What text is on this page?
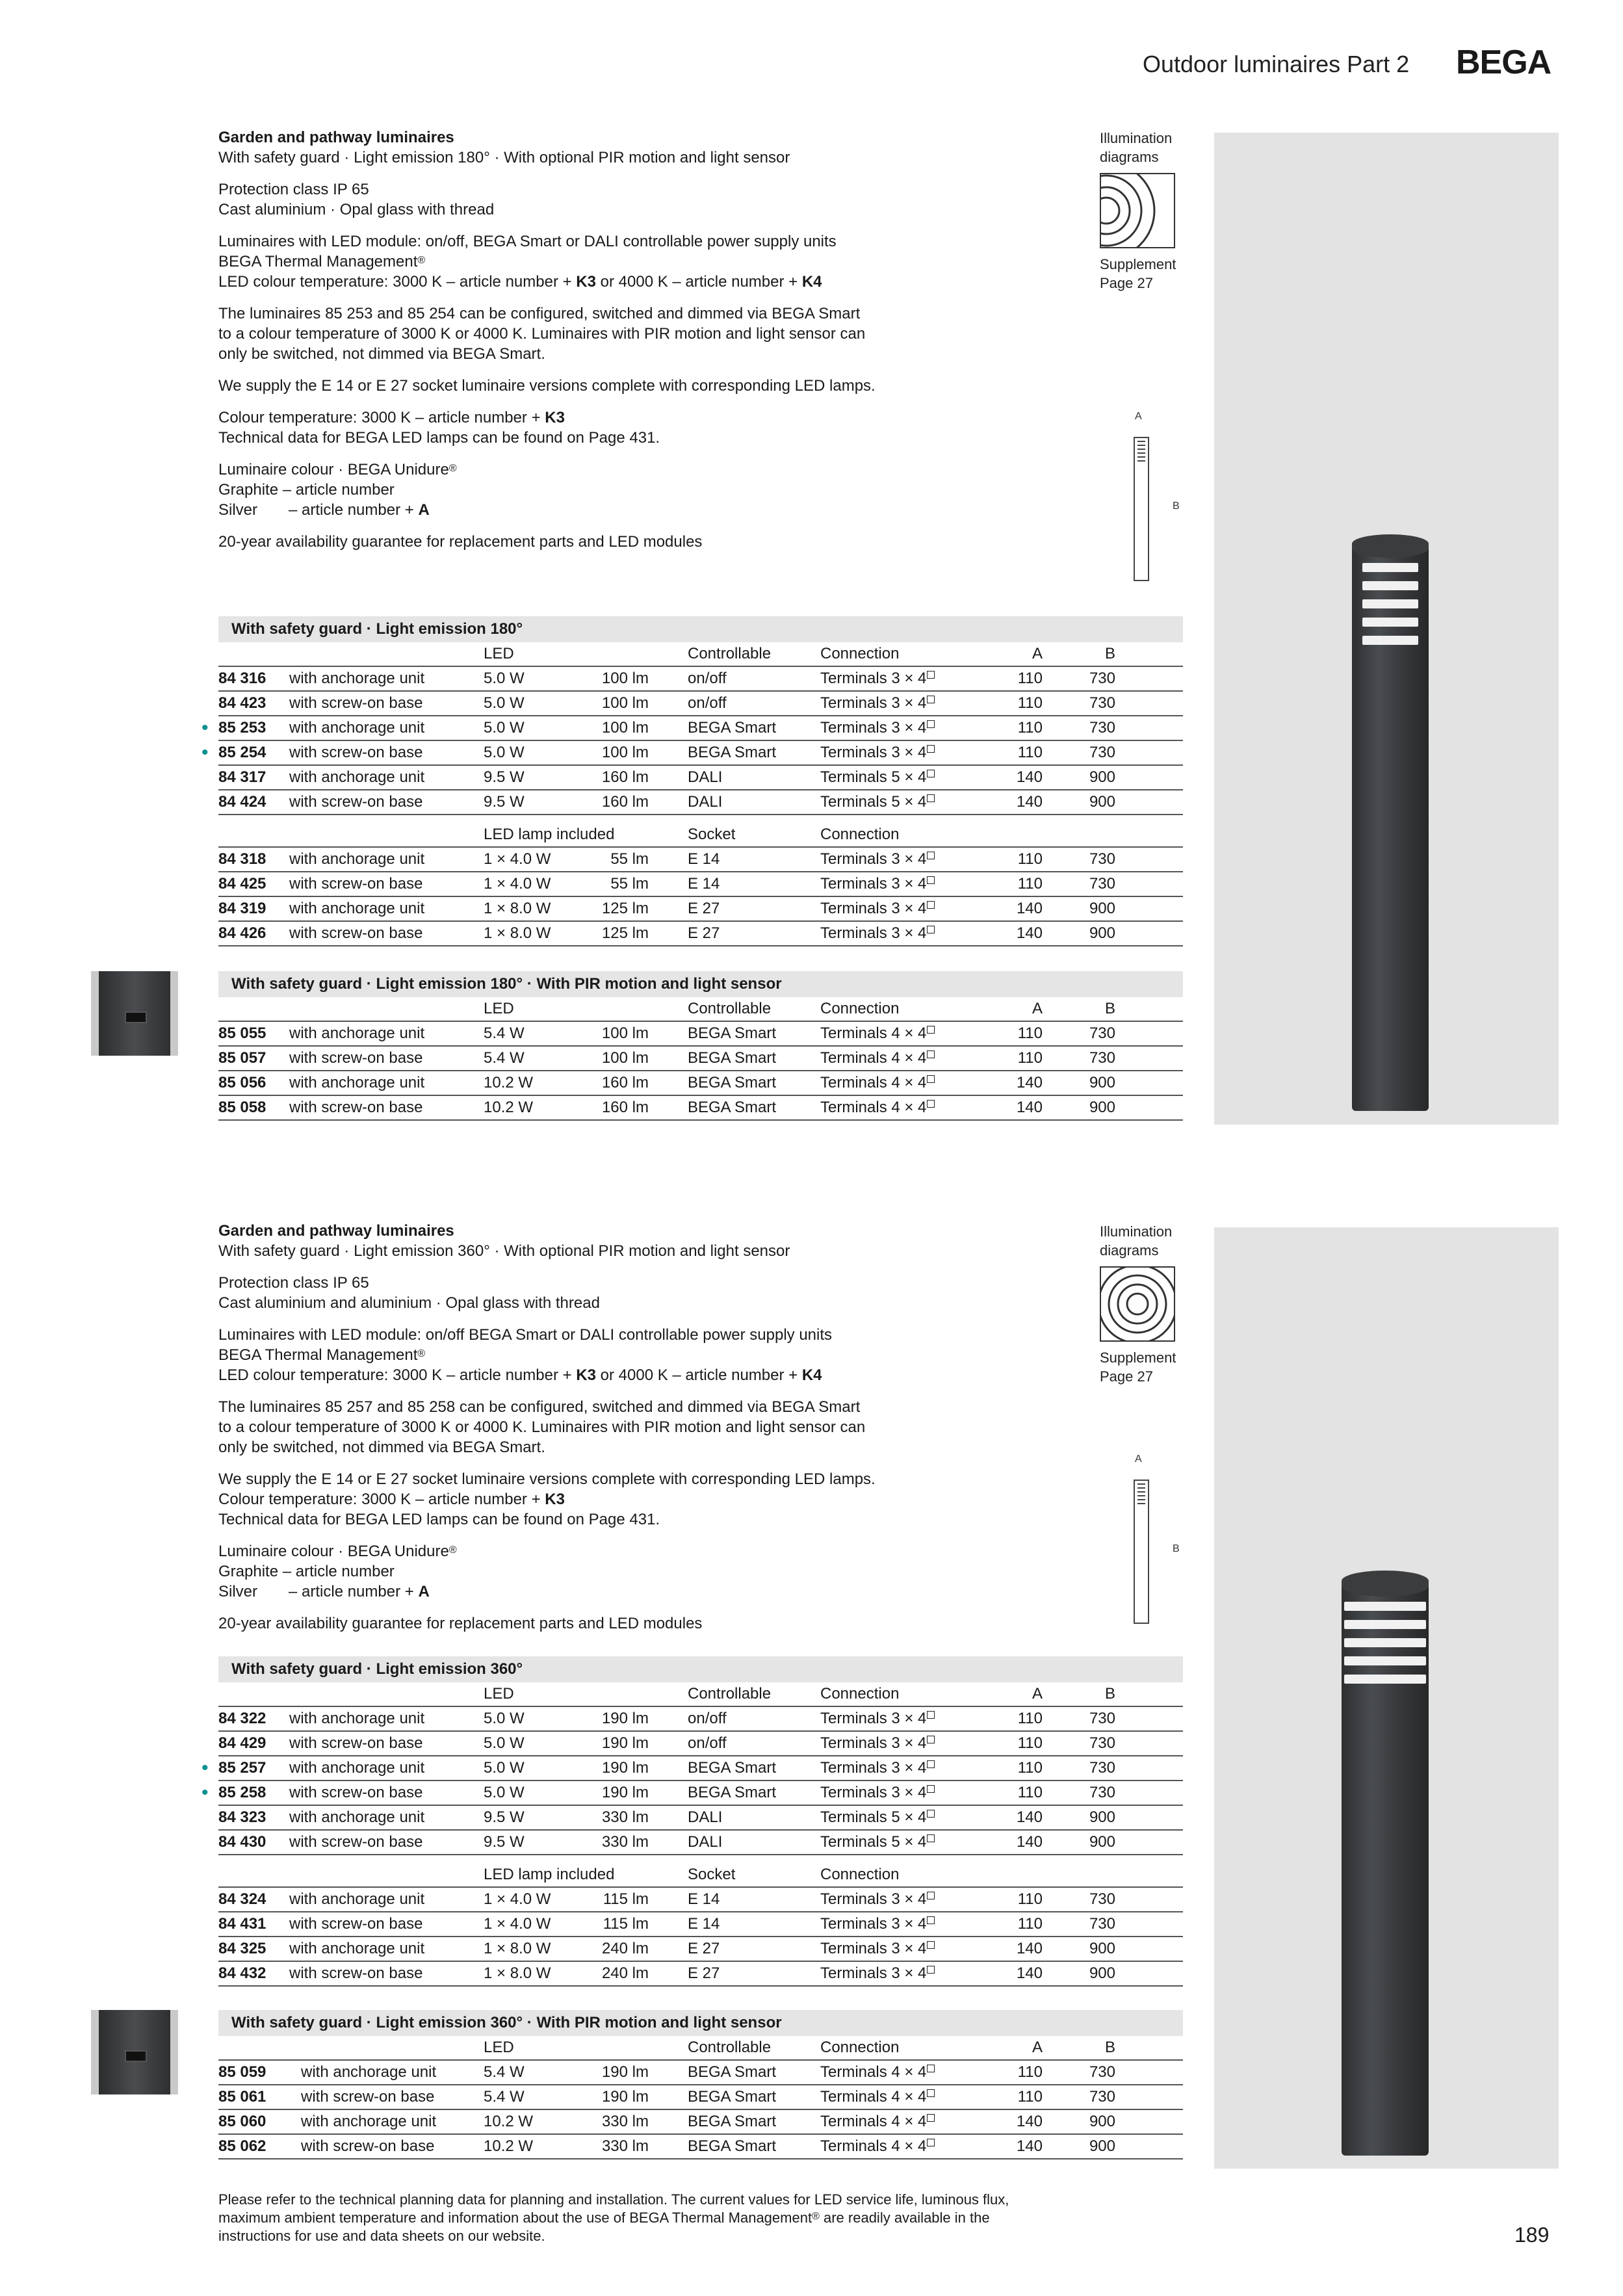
Outdoor luminaires Part 2 BEGA

Garden and pathway luminaires
With safety guard · Light emission 180° · With optional PIR motion and light sensor

Protection class IP 65
Cast aluminium · Opal glass with thread

Luminaires with LED module: on/off, BEGA Smart or DALI controllable power supply units
BEGA Thermal Management®
LED colour temperature: 3000 K – article number + K3 or 4000 K – article number + K4

The luminaires 85 253 and 85 254 can be configured, switched and dimmed via BEGA Smart
to a colour temperature of 3000 K or 4000 K. Luminaires with PIR motion and light sensor can
only be switched, not dimmed via BEGA Smart.

We supply the E 14 or E 27 socket luminaire versions complete with corresponding LED lamps.

Colour temperature: 3000 K – article number + K3
Technical data for BEGA LED lamps can be found on Page 431.

Luminaire colour · BEGA Unidure®
Graphite – article number
Silver – article number + A

20-year availability guarantee for replacement parts and LED modules

Illumination
diagrams
Supplement
Page 27
A
B
With safety guard · Light emission 180°
LED	Controllable	Connection	A	B
84 316 with anchorage unit	5.0 W	100 lm	on/off	Terminals 3 × 4	110	730
84 423 with screw-on base	5.0 W	100 lm	on/off	Terminals 3 × 4	110	730
• 85 253 with anchorage unit	5.0 W	100 lm	BEGA Smart	Terminals 3 × 4	110	730
• 85 254 with screw-on base	5.0 W	100 lm	BEGA Smart	Terminals 3 × 4	110	730
84 317 with anchorage unit	9.5 W	160 lm	DALI	Terminals 5 × 4	140	900
84 424 with screw-on base	9.5 W	160 lm	DALI	Terminals 5 × 4	140	900
LED lamp included	Socket	Connection
84 318 with anchorage unit	1 × 4.0 W	55 lm	E 14	Terminals 3 × 4	110	730
84 425 with screw-on base	1 × 4.0 W	55 lm	E 14	Terminals 3 × 4	110	730
84 319 with anchorage unit	1 × 8.0 W	125 lm	E 27	Terminals 3 × 4	140	900
84 426 with screw-on base	1 × 8.0 W	125 lm	E 27	Terminals 3 × 4	140	900
With safety guard · Light emission 180° · With PIR motion and light sensor
LED	Controllable	Connection	A	B
85 055 with anchorage unit	5.4 W	100 lm	BEGA Smart	Terminals 4 × 4	110	730
85 057 with screw-on base	5.4 W	100 lm	BEGA Smart	Terminals 4 × 4	110	730
85 056 with anchorage unit	10.2 W	160 lm	BEGA Smart	Terminals 4 × 4	140	900
85 058 with screw-on base	10.2 W	160 lm	BEGA Smart	Terminals 4 × 4	140	900

Garden and pathway luminaires
With safety guard · Light emission 360° · With optional PIR motion and light sensor

Protection class IP 65
Cast aluminium and aluminium · Opal glass with thread

Luminaires with LED module: on/off BEGA Smart or DALI controllable power supply units
BEGA Thermal Management®
LED colour temperature: 3000 K – article number + K3 or 4000 K – article number + K4

The luminaires 85 257 and 85 258 can be configured, switched and dimmed via BEGA Smart
to a colour temperature of 3000 K or 4000 K. Luminaires with PIR motion and light sensor can
only be switched, not dimmed via BEGA Smart.

We supply the E 14 or E 27 socket luminaire versions complete with corresponding LED lamps.
Colour temperature: 3000 K – article number + K3
Technical data for BEGA LED lamps can be found on Page 431.

Luminaire colour · BEGA Unidure®
Graphite – article number
Silver – article number + A

20-year availability guarantee for replacement parts and LED modules

Illumination
diagrams
Supplement
Page 27
A
B
With safety guard · Light emission 360°
LED	Controllable	Connection	A	B
84 322 with anchorage unit	5.0 W	190 lm	on/off	Terminals 3 × 4	110	730
84 429 with screw-on base	5.0 W	190 lm	on/off	Terminals 3 × 4	110	730
• 85 257 with anchorage unit	5.0 W	190 lm	BEGA Smart	Terminals 3 × 4	110	730
• 85 258 with screw-on base	5.0 W	190 lm	BEGA Smart	Terminals 3 × 4	110	730
84 323 with anchorage unit	9.5 W	330 lm	DALI	Terminals 5 × 4	140	900
84 430 with screw-on base	9.5 W	330 lm	DALI	Terminals 5 × 4	140	900
LED lamp included	Socket	Connection
84 324 with anchorage unit	1 × 4.0 W	115 lm	E 14	Terminals 3 × 4	110	730
84 431 with screw-on base	1 × 4.0 W	115 lm	E 14	Terminals 3 × 4	110	730
84 325 with anchorage unit	1 × 8.0 W	240 lm	E 27	Terminals 3 × 4	140	900
84 432 with screw-on base	1 × 8.0 W	240 lm	E 27	Terminals 3 × 4	140	900
With safety guard · Light emission 360° · With PIR motion and light sensor
LED	Controllable	Connection	A	B
85 059 with anchorage unit	5.4 W	190 lm	BEGA Smart	Terminals 4 × 4	110	730
85 061 with screw-on base	5.4 W	190 lm	BEGA Smart	Terminals 4 × 4	110	730
85 060 with anchorage unit	10.2 W	330 lm	BEGA Smart	Terminals 4 × 4	140	900
85 062 with screw-on base	10.2 W	330 lm	BEGA Smart	Terminals 4 × 4	140	900
Please refer to the technical planning data for planning and installation. The current values for LED service life, luminous flux,
maximum ambient temperature and information about the use of BEGA Thermal Management® are readily available in the
instructions for use and data sheets on our website.	189
